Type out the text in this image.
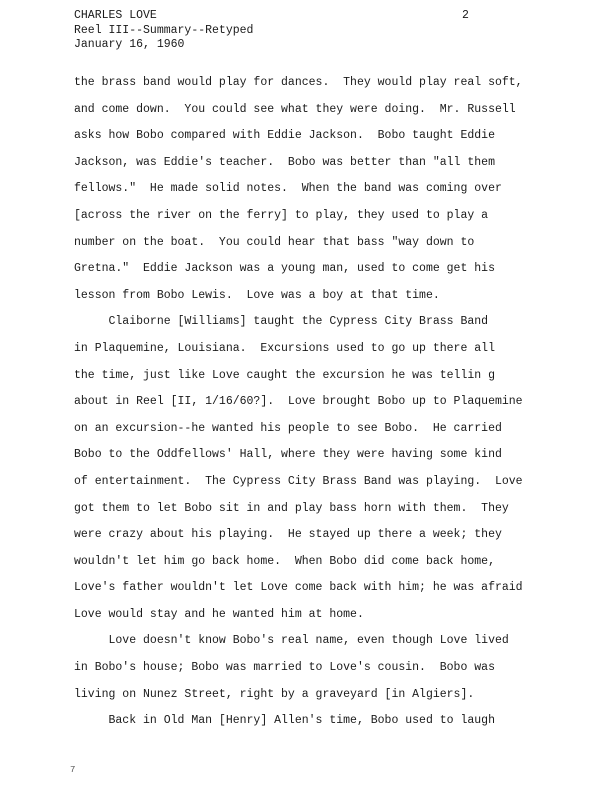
CHARLES LOVE
Reel III--Summary--Retyped
January 16, 1960
2
the brass band would play for dances.  They would play real soft,
and come down.  You could see what they were doing.  Mr. Russell
asks how Bobo compared with Eddie Jackson.  Bobo taught Eddie
Jackson, was Eddie's teacher.  Bobo was better than "all them
fellows."  He made solid notes.  When the band was coming over
[across the river on the ferry] to play, they used to play a
number on the boat.  You could hear that bass "way down to
Gretna."  Eddie Jackson was a young man, used to come get his
lesson from Bobo Lewis.  Love was a boy at that time.
Claiborne [Williams] taught the Cypress City Brass Band
in Plaquemine, Louisiana.  Excursions used to go up there all
the time, just like Love caught the excursion he was tellin g
about in Reel [II, 1/16/60?].  Love brought Bobo up to Plaquemine
on an excursion--he wanted his people to see Bobo.  He carried
Bobo to the Oddfellows' Hall, where they were having some kind
of entertainment.  The Cypress City Brass Band was playing.  Love
got them to let Bobo sit in and play bass horn with them.  They
were crazy about his playing.  He stayed up there a week; they
wouldn't let him go back home.  When Bobo did come back home,
Love's father wouldn't let Love come back with him; he was afraid
Love would stay and he wanted him at home.
Love doesn't know Bobo's real name, even though Love lived
in Bobo's house; Bobo was married to Love's cousin.  Bobo was
living on Nunez Street, right by a graveyard [in Algiers].
Back in Old Man [Henry] Allen's time, Bobo used to laugh
7
